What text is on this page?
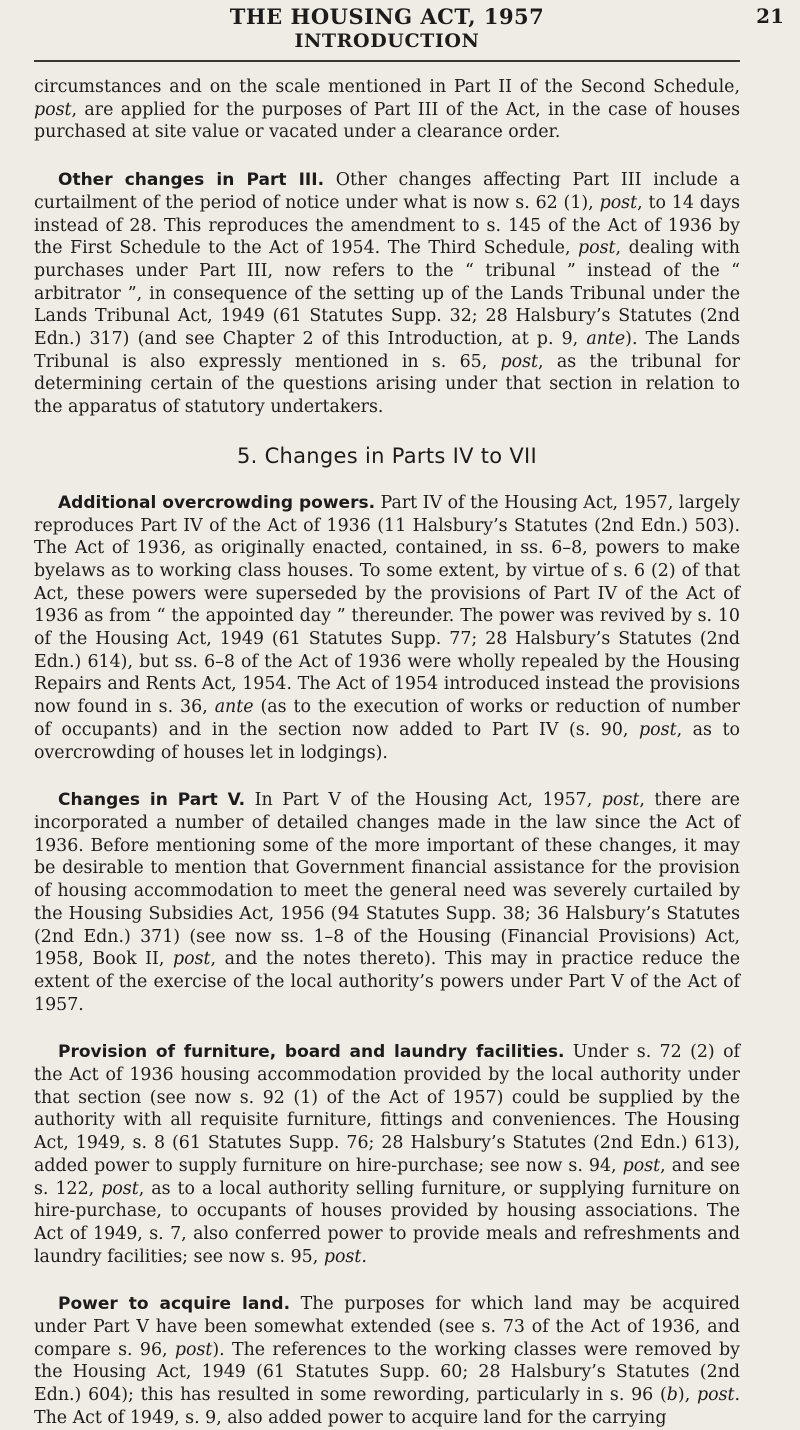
THE HOUSING ACT, 1957
INTRODUCTION
21

circumstances and on the scale mentioned in Part II of the Second Schedule, post, are applied for the purposes of Part III of the Act, in the case of houses purchased at site value or vacated under a clearance order.

Other changes in Part III. Other changes affecting Part III include a curtailment of the period of notice under what is now s. 62 (1), post, to 14 days instead of 28. This reproduces the amendment to s. 145 of the Act of 1936 by the First Schedule to the Act of 1954. The Third Schedule, post, dealing with purchases under Part III, now refers to the “ tribunal ” instead of the “ arbitrator ”, in consequence of the setting up of the Lands Tribunal under the Lands Tribunal Act, 1949 (61 Statutes Supp. 32; 28 Halsbury’s Statutes (2nd Edn.) 317) (and see Chapter 2 of this Introduction, at p. 9, ante). The Lands Tribunal is also expressly mentioned in s. 65, post, as the tribunal for determining certain of the questions arising under that section in relation to the apparatus of statutory undertakers.

5. Changes in Parts IV to VII

Additional overcrowding powers. Part IV of the Housing Act, 1957, largely reproduces Part IV of the Act of 1936 (11 Halsbury’s Statutes (2nd Edn.) 503). The Act of 1936, as originally enacted, contained, in ss. 6–8, powers to make byelaws as to working class houses. To some extent, by virtue of s. 6 (2) of that Act, these powers were superseded by the provisions of Part IV of the Act of 1936 as from “ the appointed day ” thereunder. The power was revived by s. 10 of the Housing Act, 1949 (61 Statutes Supp. 77; 28 Halsbury’s Statutes (2nd Edn.) 614), but ss. 6–8 of the Act of 1936 were wholly repealed by the Housing Repairs and Rents Act, 1954. The Act of 1954 introduced instead the provisions now found in s. 36, ante (as to the execution of works or reduction of number of occupants) and in the section now added to Part IV (s. 90, post, as to overcrowding of houses let in lodgings).

Changes in Part V. In Part V of the Housing Act, 1957, post, there are incorporated a number of detailed changes made in the law since the Act of 1936. Before mentioning some of the more important of these changes, it may be desirable to mention that Government financial assistance for the provision of housing accommodation to meet the general need was severely curtailed by the Housing Subsidies Act, 1956 (94 Statutes Supp. 38; 36 Halsbury’s Statutes (2nd Edn.) 371) (see now ss. 1–8 of the Housing (Financial Provisions) Act, 1958, Book II, post, and the notes thereto). This may in practice reduce the extent of the exercise of the local authority’s powers under Part V of the Act of 1957.

Provision of furniture, board and laundry facilities. Under s. 72 (2) of the Act of 1936 housing accommodation provided by the local authority under that section (see now s. 92 (1) of the Act of 1957) could be supplied by the authority with all requisite furniture, fittings and conveniences. The Housing Act, 1949, s. 8 (61 Statutes Supp. 76; 28 Halsbury’s Statutes (2nd Edn.) 613), added power to supply furniture on hire-purchase; see now s. 94, post, and see s. 122, post, as to a local authority selling furniture, or supplying furniture on hire-purchase, to occupants of houses provided by housing associations. The Act of 1949, s. 7, also conferred power to provide meals and refreshments and laundry facilities; see now s. 95, post.

Power to acquire land. The purposes for which land may be acquired under Part V have been somewhat extended (see s. 73 of the Act of 1936, and compare s. 96, post). The references to the working classes were removed by the Housing Act, 1949 (61 Statutes Supp. 60; 28 Halsbury’s Statutes (2nd Edn.) 604); this has resulted in some rewording, particularly in s. 96 (b), post. The Act of 1949, s. 9, also added power to acquire land for the carrying
